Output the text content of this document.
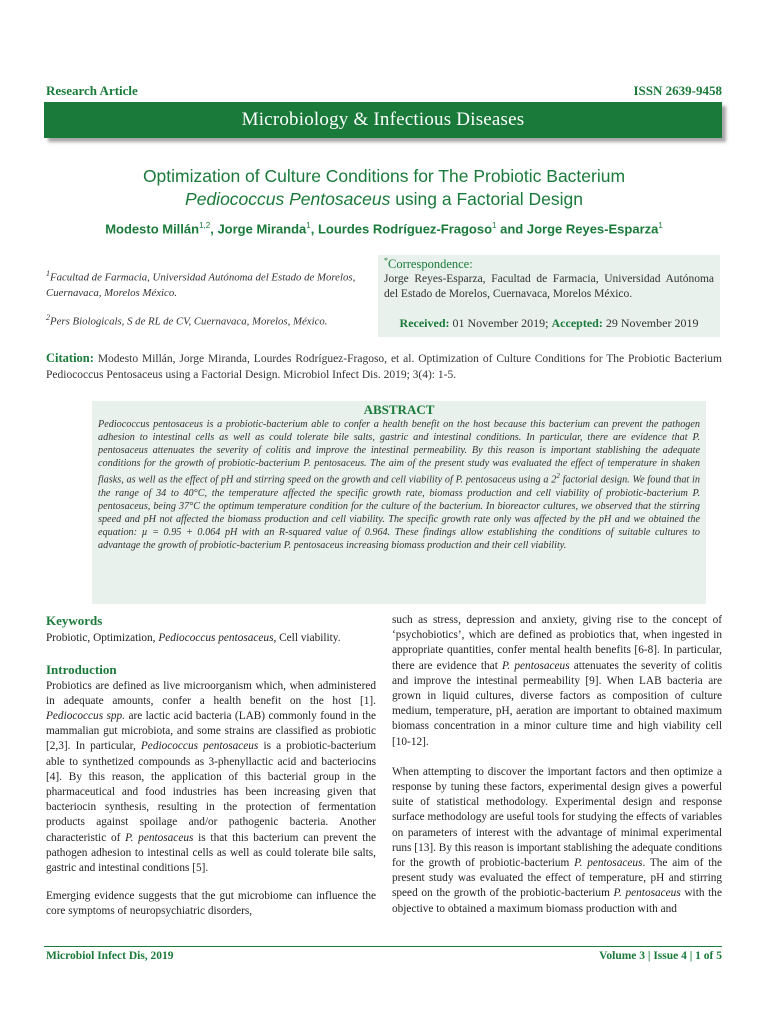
Research Article	ISSN 2639-9458
Microbiology & Infectious Diseases
Optimization of Culture Conditions for The Probiotic Bacterium
Pediococcus Pentosaceus using a Factorial Design
Modesto Millán$^{1,2}$, Jorge Miranda$^1$, Lourdes Rodríguez-Fragoso$^1$ and Jorge Reyes-Esparza$^1$
$^1$Facultad de Farmacia, Universidad Autónoma del Estado de Morelos, Cuernavaca, Morelos México.
$^2$Pers Biologicals, S de RL de CV, Cuernavaca, Morelos, México.
*Correspondence:
Jorge Reyes-Esparza, Facultad de Farmacia, Universidad Autónoma del Estado de Morelos, Cuernavaca, Morelos México.
Received: 01 November 2019; Accepted: 29 November 2019
Citation: Modesto Millán, Jorge Miranda, Lourdes Rodríguez-Fragoso, et al. Optimization of Culture Conditions for The Probiotic Bacterium Pediococcus Pentosaceus using a Factorial Design. Microbiol Infect Dis. 2019; 3(4): 1-5.
ABSTRACT
Pediococcus pentosaceus is a probiotic-bacterium able to confer a health benefit on the host because this bacterium can prevent the pathogen adhesion to intestinal cells as well as could tolerate bile salts, gastric and intestinal conditions. In particular, there are evidence that P. pentosaceus attenuates the severity of colitis and improve the intestinal permeability. By this reason is important stablishing the adequate conditions for the growth of probiotic-bacterium P. pentosaceus. The aim of the present study was evaluated the effect of temperature in shaken flasks, as well as the effect of pH and stirring speed on the growth and cell viability of P. pentosaceus using a $2^2$ factorial design. We found that in the range of 34 to 40°C, the temperature affected the specific growth rate, biomass production and cell viability of probiotic-bacterium P. pentosaceus, being 37°C the optimum temperature condition for the culture of the bacterium. In bioreactor cultures, we observed that the stirring speed and pH not affected the biomass production and cell viability. The specific growth rate only was affected by the pH and we obtained the equation: µ = 0.95 + 0.064 pH with an R-squared value of 0.964. These findings allow establishing the conditions of suitable cultures to advantage the growth of probiotic-bacterium P. pentosaceus increasing biomass production and their cell viability.
Keywords

Probiotic, Optimization, Pediococcus pentosaceus, Cell viability.

Introduction

Probiotics are defined as live microorganism which, when administered in adequate amounts, confer a health benefit on the host [1]. Pediococcus spp. are lactic acid bacteria (LAB) commonly found in the mammalian gut microbiota, and some strains are classified as probiotic [2,3]. In particular, Pediococcus pentosaceus is a probiotic-bacterium able to synthetized compounds as 3-phenyllactic acid and bacteriocins [4]. By this reason, the application of this bacterial group in the pharmaceutical and food industries has been increasing given that bacteriocin synthesis, resulting in the protection of fermentation products against spoilage and/or pathogenic bacteria. Another characteristic of P. pentosaceus is that this bacterium can prevent the pathogen adhesion to intestinal cells as well as could tolerate bile salts, gastric and intestinal conditions [5].

Emerging evidence suggests that the gut microbiome can influence the core symptoms of neuropsychiatric disorders,

such as stress, depression and anxiety, giving rise to the concept of ‘psychobiotics’, which are defined as probiotics that, when ingested in appropriate quantities, confer mental health benefits [6-8]. In particular, there are evidence that P. pentosaceus attenuates the severity of colitis and improve the intestinal permeability [9]. When LAB bacteria are grown in liquid cultures, diverse factors as composition of culture medium, temperature, pH, aeration are important to obtained maximum biomass concentration in a minor culture time and high viability cell [10-12].

When attempting to discover the important factors and then optimize a response by tuning these factors, experimental design gives a powerful suite of statistical methodology. Experimental design and response surface methodology are useful tools for studying the effects of variables on parameters of interest with the advantage of minimal experimental runs [13]. By this reason is important stablishing the adequate conditions for the growth of probiotic-bacterium P. pentosaceus. The aim of the present study was evaluated the effect of temperature, pH and stirring speed on the growth of the probiotic-bacterium P. pentosaceus with the objective to obtained a maximum biomass production with and

Microbiol Infect Dis, 2019	Volume 3 | Issue 4 | 1 of 5
